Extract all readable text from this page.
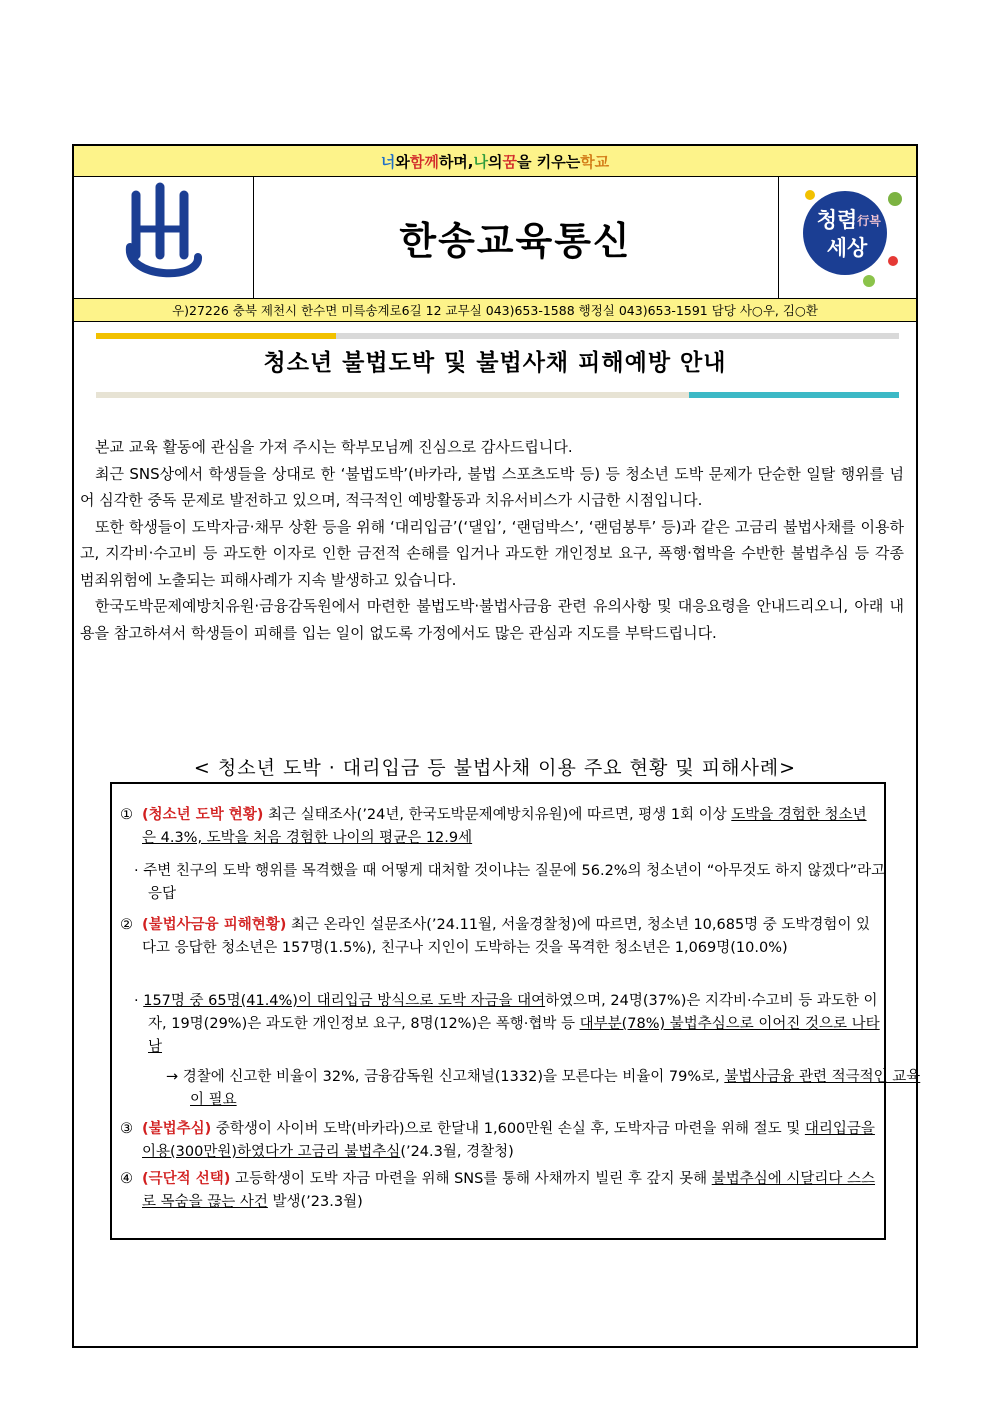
너 와 함께 하며, 나 의 꿈 을 키우는 학교
한송교육통신	청렴 行복
세상
우)27226 충북 제천시 한수면 미륵송계로6길 12 교무실 043)653-1588 행정실 043)653-1591 담당 사○우, 김○환
청소년 불법도박 및 불법사채 피해예방 안내

본교 교육 활동에 관심을 가져 주시는 학부모님께 진심으로 감사드립니다.

최근 SNS상에서 학생들을 상대로 한 ‘불법도박’(바카라, 불법 스포츠도박 등) 등 청소년 도박 문제가 단순한 일탈 행위를 넘어 심각한 중독 문제로 발전하고 있으며, 적극적인 예방활동과 치유서비스가 시급한 시점입니다.

또한 학생들이 도박자금·채무 상환 등을 위해 ‘대리입금’(‘댈입’, ‘랜덤박스’, ‘랜덤봉투’ 등)과 같은 고금리 불법사채를 이용하고, 지각비·수고비 등 과도한 이자로 인한 금전적 손해를 입거나 과도한 개인정보 요구, 폭행·협박을 수반한 불법추심 등 각종 범죄위험에 노출되는 피해사례가 지속 발생하고 있습니다.

한국도박문제예방치유원·금융감독원에서 마련한 불법도박·불법사금융 관련 유의사항 및 대응요령을 안내드리오니, 아래 내용을 참고하셔서 학생들이 피해를 입는 일이 없도록 가정에서도 많은 관심과 지도를 부탁드립니다.

< 청소년 도박 · 대리입금 등 불법사채 이용 주요 현황 및 피해사례>
① (청소년 도박 현황) 최근 실태조사(’24년, 한국도박문제예방치유원)에 따르면, 평생 1회 이상 도박을 경험한 청소년은 4.3%, 도박을 처음 경험한 나이의 평균은 12.9세
· 주변 친구의 도박 행위를 목격했을 때 어떻게 대처할 것이냐는 질문에 56.2%의 청소년이 “아무것도 하지 않겠다”라고 응답
② (불법사금융 피해현황) 최근 온라인 설문조사(’24.11월, 서울경찰청)에 따르면, 청소년 10,685명 중 도박경험이 있다고 응답한 청소년은 157명(1.5%), 친구나 지인이 도박하는 것을 목격한 청소년은 1,069명(10.0%)
· 157명 중 65명(41.4%)이 대리입금 방식으로 도박 자금을 대여하였으며, 24명(37%)은 지각비·수고비 등 과도한 이자, 19명(29%)은 과도한 개인정보 요구, 8명(12%)은 폭행·협박 등 대부분(78%) 불법추심으로 이어진 것으로 나타남
→ 경찰에 신고한 비율이 32%, 금융감독원 신고채널(1332)을 모른다는 비율이 79%로, 불법사금융 관련 적극적인 교육이 필요
③ (불법추심) 중학생이 사이버 도박(바카라)으로 한달내 1,600만원 손실 후, 도박자금 마련을 위해 절도 및 대리입금을 이용(300만원)하였다가 고금리 불법추심(’24.3월, 경찰청)
④ (극단적 선택) 고등학생이 도박 자금 마련을 위해 SNS를 통해 사채까지 빌린 후 갚지 못해 불법추심에 시달리다 스스로 목숨을 끊는 사건 발생(’23.3월)
